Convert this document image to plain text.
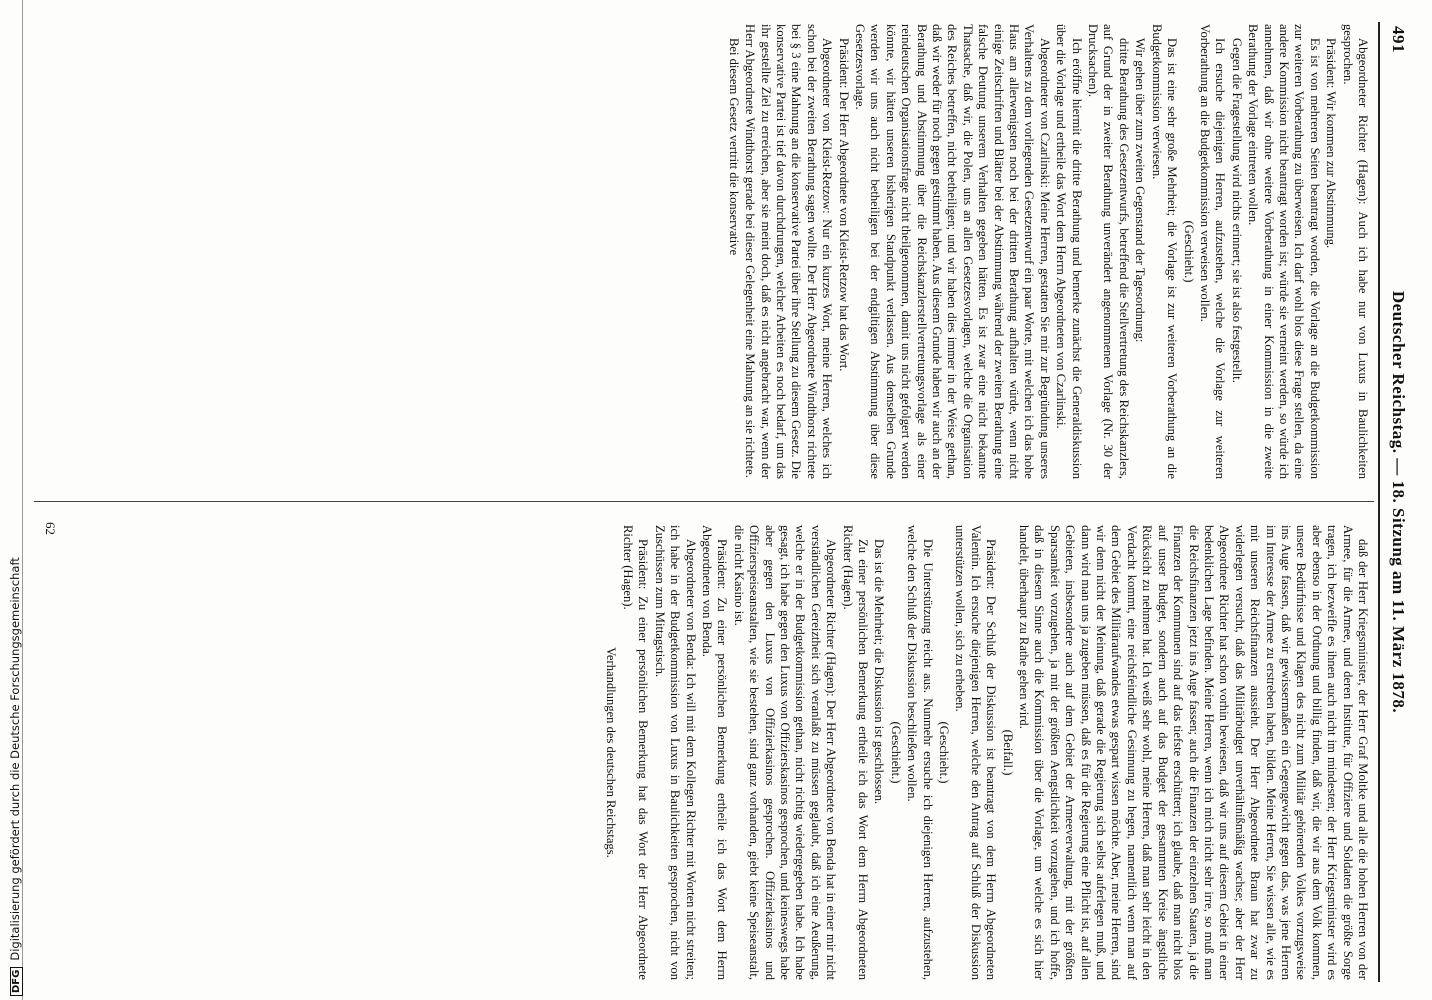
491
Deutscher Reichstag. — 18. Sitzung am 11. März 1878.

Abgeordneter Richter (Hagen): Auch ich habe nur von Luxus in Baulichkeiten gesprochen.

Präsident: Wir kommen zur Abstimmung.

Es ist von mehreren Seiten beantragt worden, die Vorlage an die Budgetkommission zur weiteren Vorberathung zu überweisen. Ich darf wohl blos diese Frage stellen, da eine andere Kommission nicht beantragt worden ist; würde sie verneint werden, so würde ich annehmen, daß wir ohne weitere Vorberathung in einer Kommission in die zweite Berathung der Vorlage eintreten wollen.

Gegen die Fragestellung wird nichts erinnert; sie ist also festgestellt.

Ich ersuche diejenigen Herren, aufzustehen, welche die Vorlage zur weiteren Vorberathung an die Budgetkommission verweisen wollen.

(Geschieht.)

Das ist eine sehr große Mehrheit; die Vorlage ist zur weiteren Vorberathung an die Budgetkommission verwiesen.

Wir gehen über zum zweiten Gegenstand der Tagesordnung:

dritte Berathung des Gesetzentwurfs, betreffend die Stellvertretung des Reichskanzlers, auf Grund der in zweiter Berathung unverändert angenommenen Vorlage (Nr. 30 der Drucksachen).

Ich eröffne hiermit die dritte Berathung und bemerke zunächst die Generaldiskussion über die Vorlage und ertheile das Wort dem Herrn Abgeordneten von Czarlinski.

Abgeordneter von Czarlinski: Meine Herren, gestatten Sie mir zur Begründung unseres Verhaltens zu dem vorliegenden Gesetzentwurf ein paar Worte, mit welchen ich das hohe Haus am allerwenigsten noch bei der dritten Berathung aufhalten würde, wenn nicht einige Zeitschriften und Blätter bei der Abstimmung während der zweiten Berathung eine falsche Deutung unserem Verhalten gegeben hätten. Es ist zwar eine nicht bekannte Thatsache, daß wir, die Polen, uns an allen Gesetzesvorlagen, welche die Organisation des Reiches betreffen, nicht betheiligen; und wir haben dies immer in der Weise gethan, daß wir weder für noch gegen gestimmt haben. Aus diesem Grunde haben wir auch an der Berathung und Abstimmung über die Reichskanzlerstellvertretungsvorlage als einer reindeutschen Organisationsfrage nicht theilgenommen, damit uns nicht gefolgert werden könnte, wir hätten unseren bisherigen Standpunkt verlassen. Aus demselben Grunde werden wir uns auch nicht betheiligen bei der endgiltigen Abstimmung über diese Gesetzesvorlage.

Präsident: Der Herr Abgeordnete von Kleist-Retzow hat das Wort.

Abgeordneter von Kleist-Retzow: Nur ein kurzes Wort, meine Herren, welches ich schon bei der zweiten Berathung sagen wollte. Der Herr Abgeordnete Windthorst richtete bei § 3 eine Mahnung an die konservative Partei über ihre Stellung zu diesem Gesetz. Die konservative Partei ist tief davon durchdrungen, welcher Arbeiten es noch bedarf, um das ihr gestellte Ziel zu erreichen, aber sie meint doch, daß es nicht angebracht war, wenn der Herr Abgeordnete Windthorst gerade bei dieser Gelegenheit eine Mahnung an sie richtete.

Bei diesem Gesetz vertritt die konservative

daß der Herr Kriegsminister, der Herr Graf Moltke und alle die hohen Herren von der Armee, für die Armee, und deren Institute, für Offiziere und Soldaten die größte Sorge tragen, ich bezweifle es ihnen auch nicht im mindesten; der Herr Kriegsminister wird es aber ebenso in der Ordnung und billig finden, daß wir, die wir aus dem Volk kommen, unsere Bedürfnisse und Klagen des nicht zum Militär gehörenden Volkes vorzugsweise ins Auge fassen, daß wir gewissermaßen ein Gegengewicht gegen das, was jene Herren im Interesse der Armee zu erstreben haben, bilden. Meine Herren, Sie wissen alle, wie es mit unseren Reichsfinanzen aussieht. Der Herr Abgeordnete Braun hat zwar zu widerlegen versucht, daß das Militärbudget unverhältnißmäßig wachse; aber der Herr Abgeordnete Richter hat schon vorhin bewiesen, daß wir uns auf diesem Gebiet in einer bedenklichen Lage befinden. Meine Herren, wenn ich mich nicht sehr irre, so muß man die Reichsfinanzen jetzt ins Auge fassen; auch die Finanzen der einzelnen Staaten, ja die Finanzen der Kommunen sind auf das tiefste erschüttert; ich glaube, daß man nicht blos auf unser Budget, sondern auch auf das Budget der gesammten Kreise ängstliche Rücksicht zu nehmen hat. Ich weiß sehr wohl, meine Herren, daß man sehr leicht in den Verdacht kommt, eine reichsfeindliche Gesinnung zu hegen, namentlich wenn man auf dem Gebiet des Militäraufwandes etwas gespart wissen möchte. Aber, meine Herren, sind wir denn nicht der Meinung, daß gerade die Regierung sich selbst auferlegen muß, und dann wird man uns ja zugeben müssen, daß es für die Regierung eine Pflicht ist, auf allen Gebieten, insbesondere auch auf dem Gebiet der Armeeverwaltung, mit der größten Sparsamkeit vorzugehen, ja mit der größten Aengstlichkeit vorzugehen, und ich hoffe, daß in diesem Sinne auch die Kommission über die Vorlage, um welche es sich hier handelt, überhaupt zu Rathe gehen wird.

(Beifall.)

Präsident: Der Schluß der Diskussion ist beantragt von dem Herrn Abgeordneten Valentin. Ich ersuche diejenigen Herren, welche den Antrag auf Schluß der Diskussion unterstützen wollen, sich zu erheben.

(Geschieht.)

Die Unterstützung reicht aus. Nunmehr ersuche ich diejenigen Herren, aufzustehen, welche den Schluß der Diskussion beschließen wollen.

(Geschieht.)

Das ist die Mehrheit; die Diskussion ist geschlossen.

Zu einer persönlichen Bemerkung ertheile ich das Wort dem Herrn Abgeordneten Richter (Hagen).

Abgeordneter Richter (Hagen): Der Herr Abgeordnete von Benda hat in einer mir nicht verständlichen Gereiztheit sich veranlaßt zu müssen geglaubt, daß ich eine Aeußerung, welche er in der Budgetkommission gethan, nicht richtig wiedergegeben habe. Ich habe gesagt, ich habe gegen den Luxus von Offizierskasinos gesprochen, und keineswegs habe aber gegen den Luxus von Offizierkasinos gesprochen. Offizierkasinos und Offizierspeiseanstalten, wie sie bestehen, sind ganz vorhanden, giebt keine Speiseanstalt, die nicht Kasino ist.

Präsident: Zu einer persönlichen Bemerkung ertheile ich das Wort dem Herrn Abgeordneten von Benda.

Abgeordneter von Benda: Ich will mit dem Kollegen Richter mit Worten nicht streiten; ich habe in der Budgetkommission von Luxus in Baulichkeiten gesprochen, nicht von Zuschüssen zum Mittagstisch.

Präsident: Zu einer persönlichen Bemerkung hat das Wort der Herr Abgeordnete Richter (Hagen).

Verhandlungen des deutschen Reichstags.

62
DFGDigitalisierung gefördert durch die Deutsche Forschungsgemeinschaft
